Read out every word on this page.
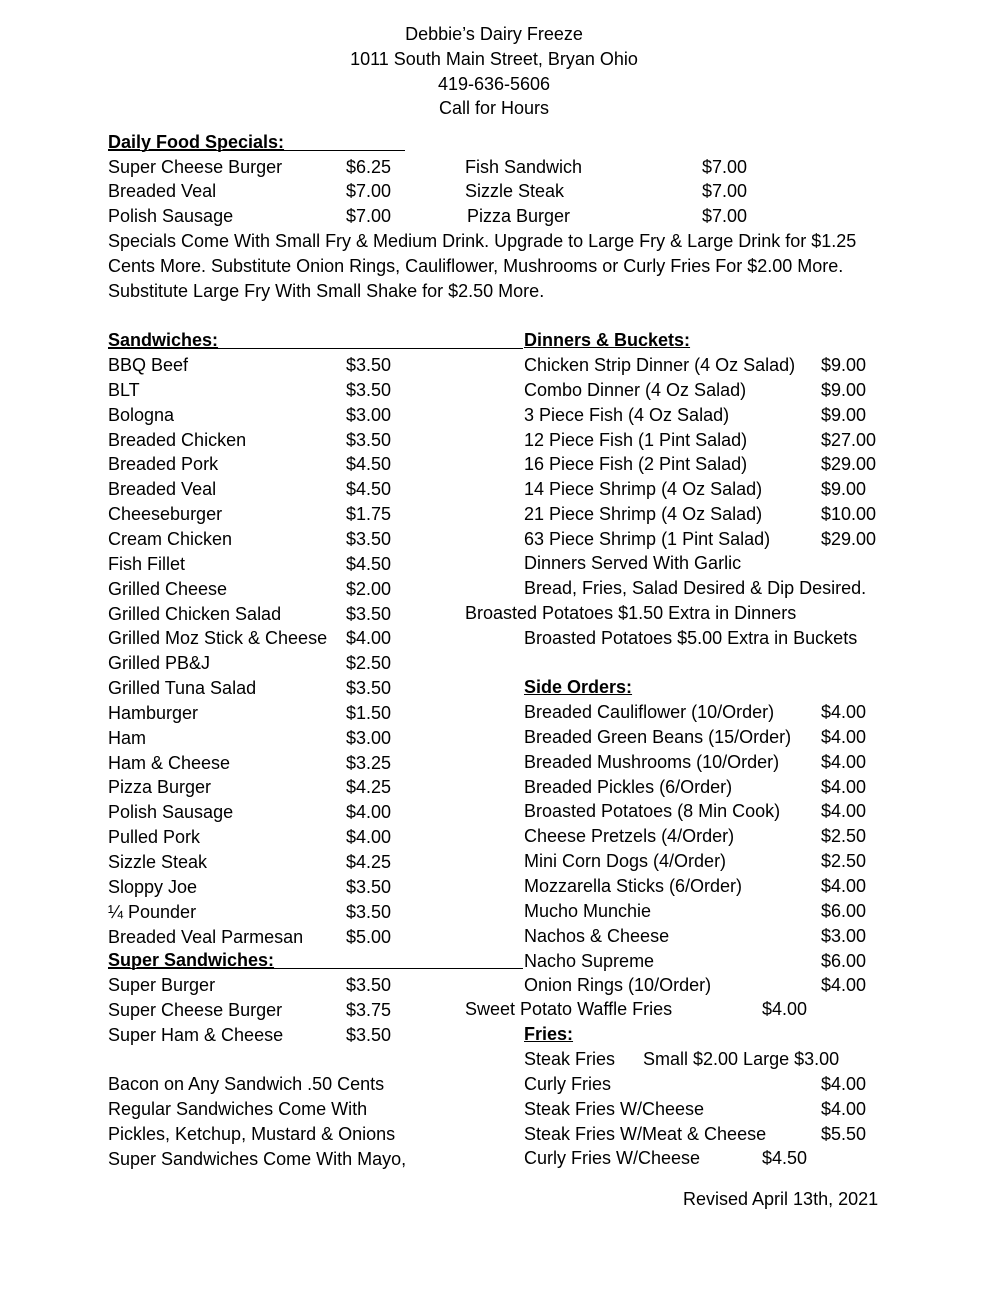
Debbie’s Dairy Freeze
1011 South Main Street, Bryan Ohio
419-636-5606
Call for Hours
Daily Food Specials:
Super Cheese Burger	$6.25
Breaded Veal	$7.00
Polish Sausage	$7.00
Fish Sandwich	$7.00
Sizzle Steak	$7.00
Pizza Burger	$7.00
Specials Come With Small Fry & Medium Drink. Upgrade to Large Fry & Large Drink for $1.25
Cents More. Substitute Onion Rings, Cauliflower, Mushrooms or Curly Fries For $2.00 More.
Substitute Large Fry With Small Shake for $2.50 More.
Sandwiches:	Dinners & Buckets:
BBQ Beef	$3.50
BLT	$3.50
Bologna	$3.00
Breaded Chicken	$3.50
Breaded Pork	$4.50
Breaded Veal	$4.50
Cheeseburger	$1.75
Cream Chicken	$3.50
Fish Fillet	$4.50
Grilled Cheese	$2.00
Grilled Chicken Salad	$3.50
Grilled Moz Stick & Cheese $4.00
Grilled PB&J	$2.50
Grilled Tuna Salad	$3.50
Hamburger	$1.50
Ham	$3.00
Ham & Cheese	$3.25
Pizza Burger	$4.25
Polish Sausage	$4.00
Pulled Pork	$4.00
Sizzle Steak	$4.25
Sloppy Joe	$3.50
¼ Pounder	$3.50
Breaded Veal Parmesan $5.00
Super Sandwiches:
Super Burger	$3.50
Super Cheese Burger	$3.75
Super Ham & Cheese	$3.50
Bacon on Any Sandwich .50 Cents
Regular Sandwiches Come With
Pickles, Ketchup, Mustard & Onions
Super Sandwiches Come With Mayo,
Chicken Strip Dinner (4 Oz Salad) $9.00
Combo Dinner (4 Oz Salad)	$9.00
3 Piece Fish (4 Oz Salad)	$9.00
12 Piece Fish (1 Pint Salad)	$27.00
16 Piece Fish (2 Pint Salad)	$29.00
14 Piece Shrimp (4 Oz Salad)	$9.00
21 Piece Shrimp (4 Oz Salad)	$10.00
63 Piece Shrimp (1 Pint Salad)	$29.00
Dinners Served With Garlic
Bread, Fries, Salad Desired & Dip Desired.
Broasted Potatoes $1.50 Extra in Dinners
Broasted Potatoes $5.00 Extra in Buckets
Side Orders:
Breaded Cauliflower (10/Order)	$4.00
Breaded Green Beans (15/Order) $4.00
Breaded Mushrooms (10/Order) $4.00
Breaded Pickles (6/Order)	$4.00
Broasted Potatoes (8 Min Cook) $4.00
Cheese Pretzels (4/Order)	$2.50
Mini Corn Dogs (4/Order)	$2.50
Mozzarella Sticks (6/Order)	$4.00
Mucho Munchie	$6.00
Nachos & Cheese	$3.00
Nacho Supreme	$6.00
Onion Rings (10/Order)	$4.00
Sweet Potato Waffle Fries	$4.00
Fries:
Steak Fries Small $2.00 Large $3.00
Curly Fries	$4.00
Steak Fries W/Cheese	$4.00
Steak Fries W/Meat & Cheese	$5.50
Curly Fries W/Cheese	$4.50
Revised April 13th, 2021
